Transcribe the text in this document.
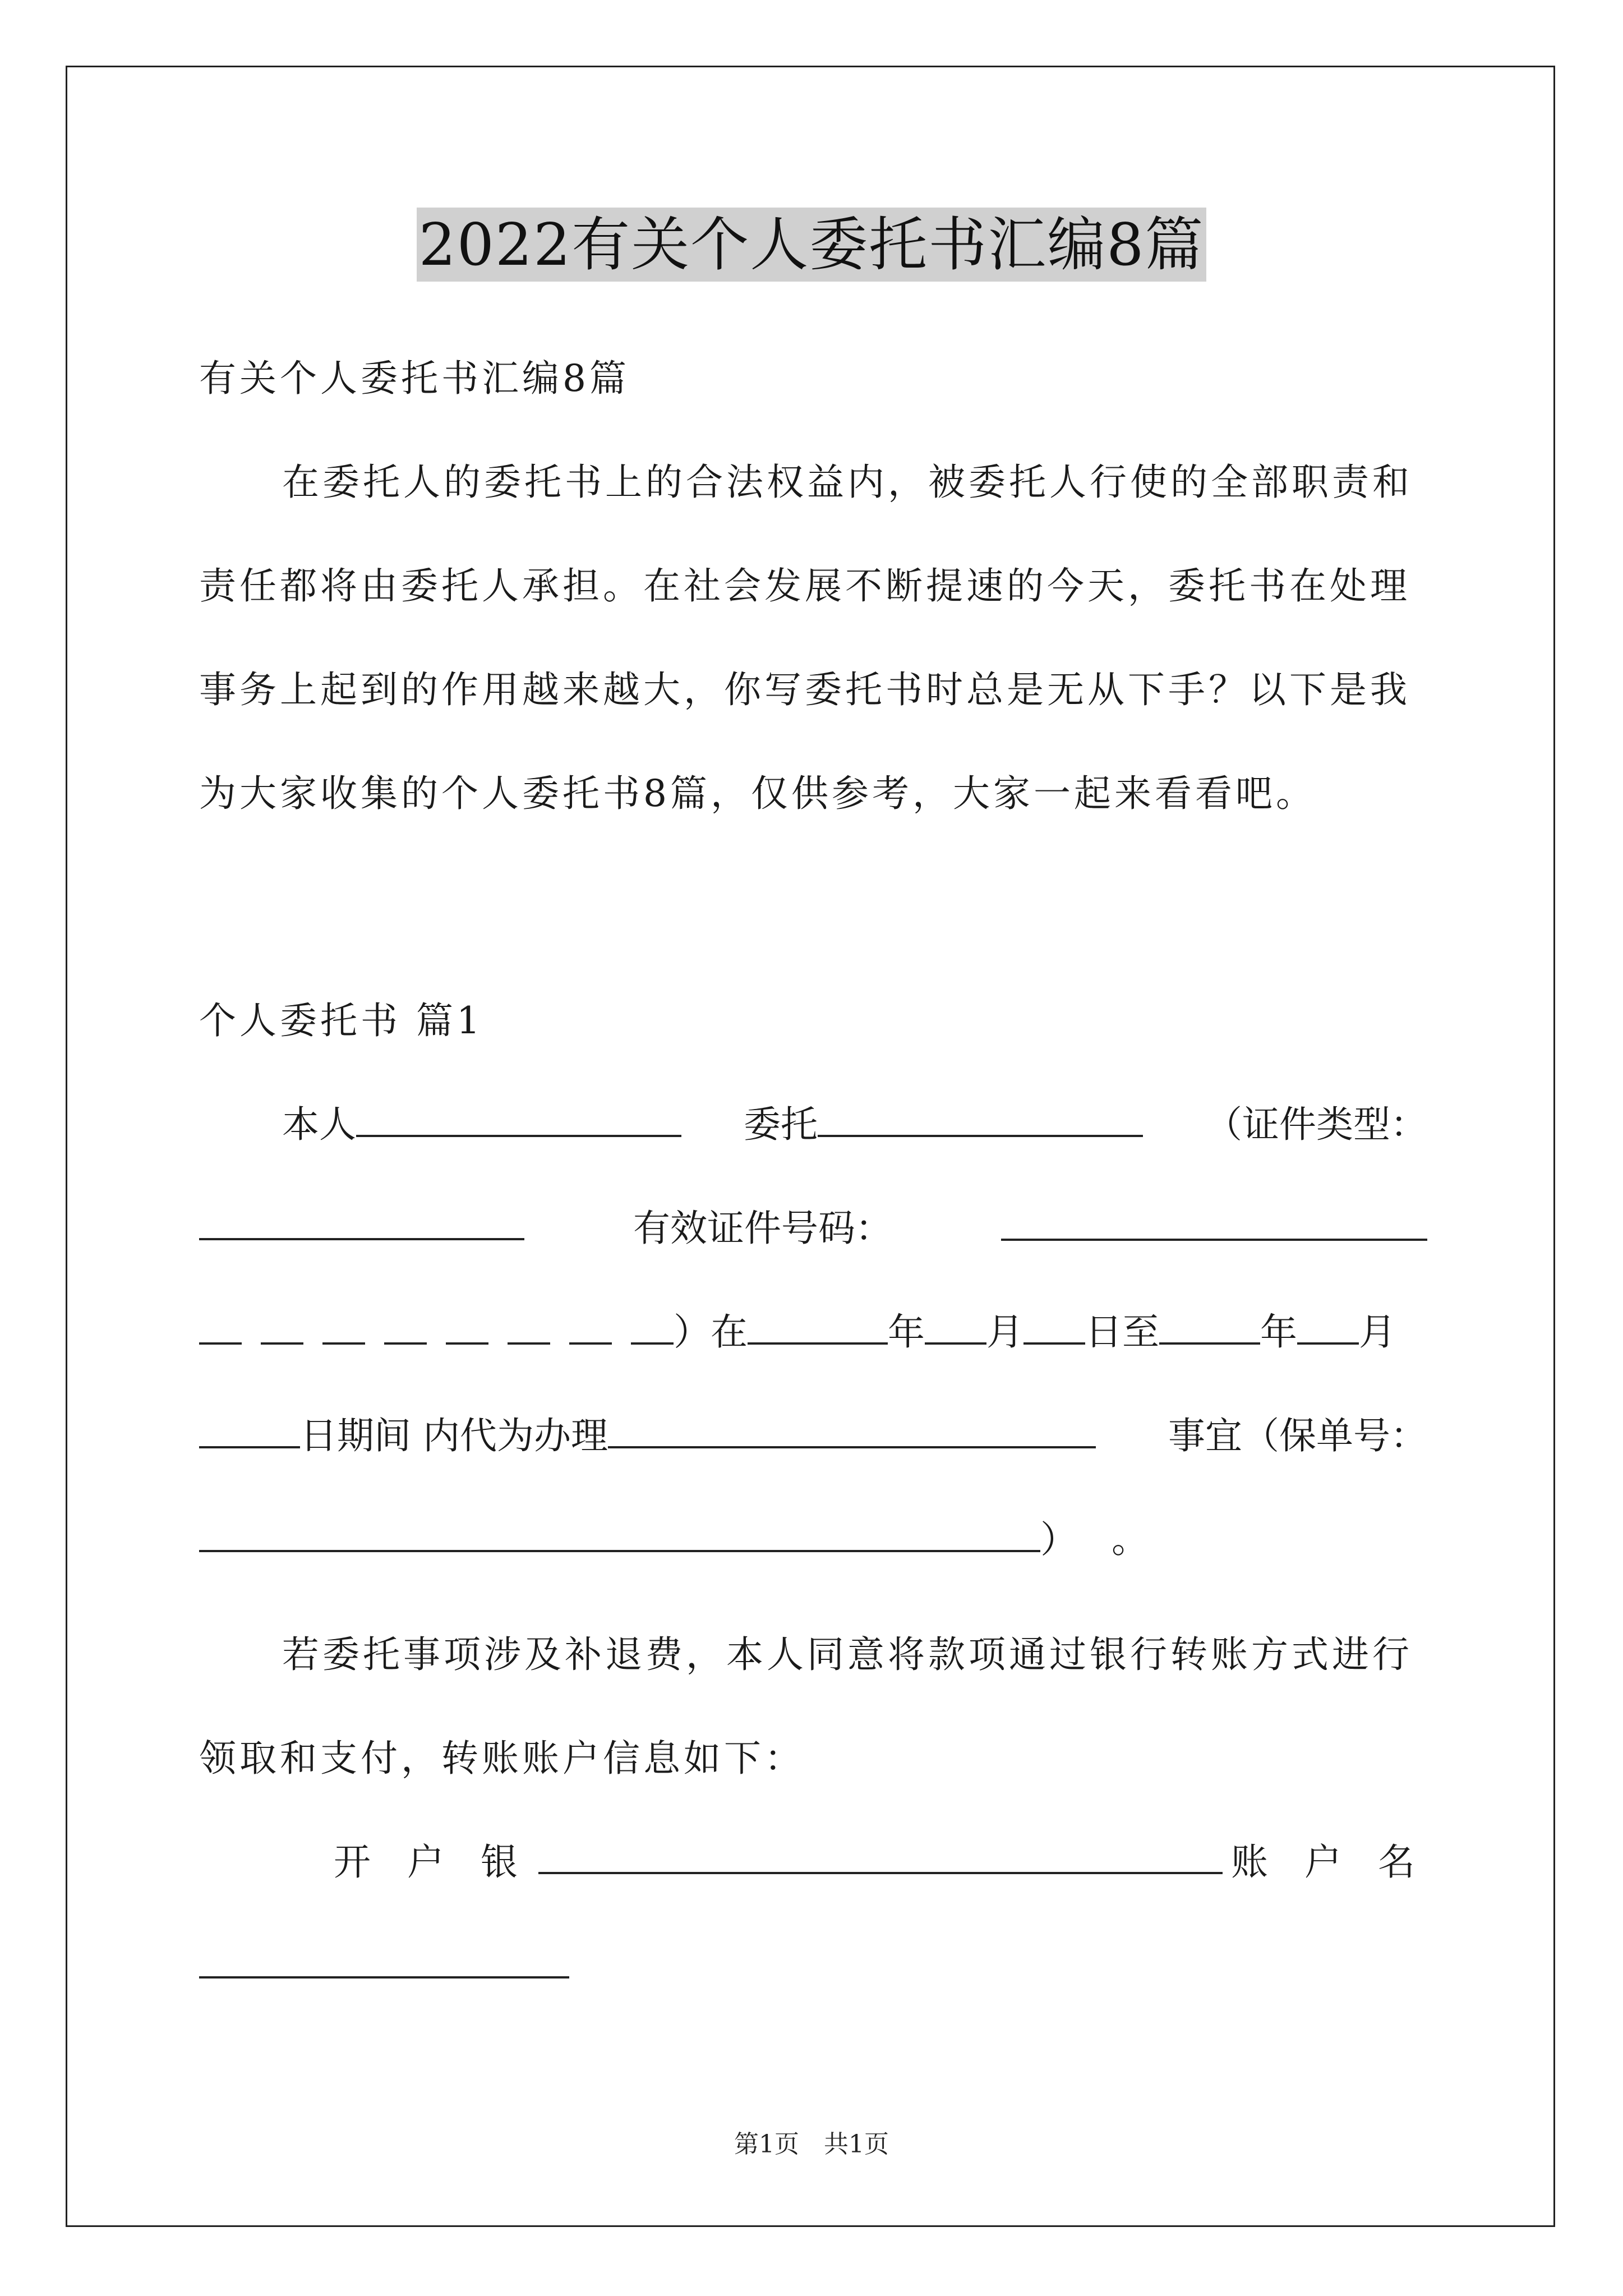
2022有关个人委托书汇编8篇
有关个人委托书汇编8篇
在委托人的委托书上的合法权益内，被委托人行使的全部职责和
责任都将由委托人承担。在社会发展不断提速的今天，委托书在处理
事务上起到的作用越来越大，你写委托书时总是无从下手？以下是我
为大家收集的个人委托书8篇，仅供参考，大家一起来看看吧。
个人委托书 篇1
本人	委托	（证件类型：
有效证件号码：
）在	年 月 日至	年 月
日期间 内代为办理	事宜（保单号：
） 。
若委托事项涉及补退费，本人同意将款项通过银行转账方式进行
领取和支付，转账账户信息如下：
开 户 银	账 户 名
第1页　共1页
